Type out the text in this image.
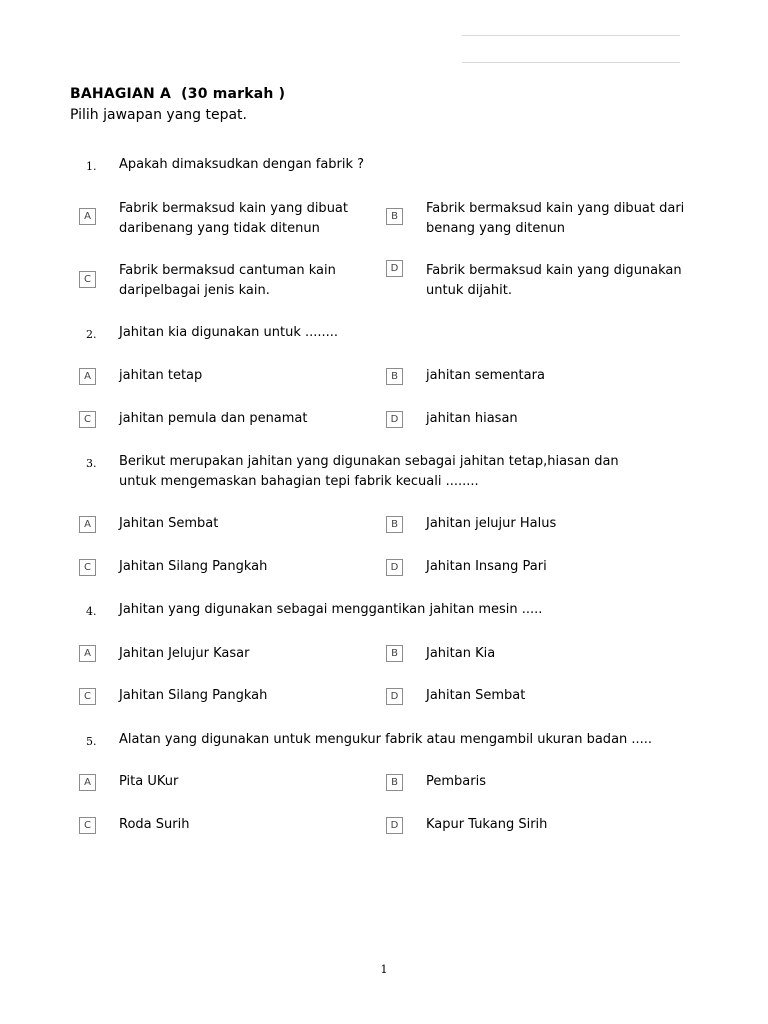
BAHAGIAN A  (30 markah )
Pilih jawapan yang tepat.
1. Apakah dimaksudkan dengan fabrik ?
A
Fabrik bermaksud kain yang dibuat daribenang yang tidak ditenun
B
Fabrik bermaksud kain yang dibuat dari benang yang ditenun
C
Fabrik bermaksud cantuman kain daripelbagai jenis kain.
D	Fabrik bermaksud kain yang digunakan untuk dijahit.
2. Jahitan kia digunakan untuk ........
A	jahitan tetap	B	jahitan sementara
C	jahitan pemula dan penamat	D	jahitan hiasan
3. Berikut merupakan jahitan yang digunakan sebagai jahitan tetap,hiasan dan untuk mengemaskan bahagian tepi fabrik kecuali ........
A	Jahitan Sembat	B	Jahitan jelujur Halus
C	Jahitan Silang Pangkah	D	Jahitan Insang Pari
4. Jahitan yang digunakan sebagai menggantikan jahitan mesin .....
A	Jahitan Jelujur Kasar	B	Jahitan Kia
C	Jahitan Silang Pangkah	D	Jahitan Sembat
5. Alatan yang digunakan untuk mengukur fabrik atau mengambil ukuran badan .....
A	Pita UKur	B	Pembaris
C	Roda Surih	D	Kapur Tukang Sirih
1
